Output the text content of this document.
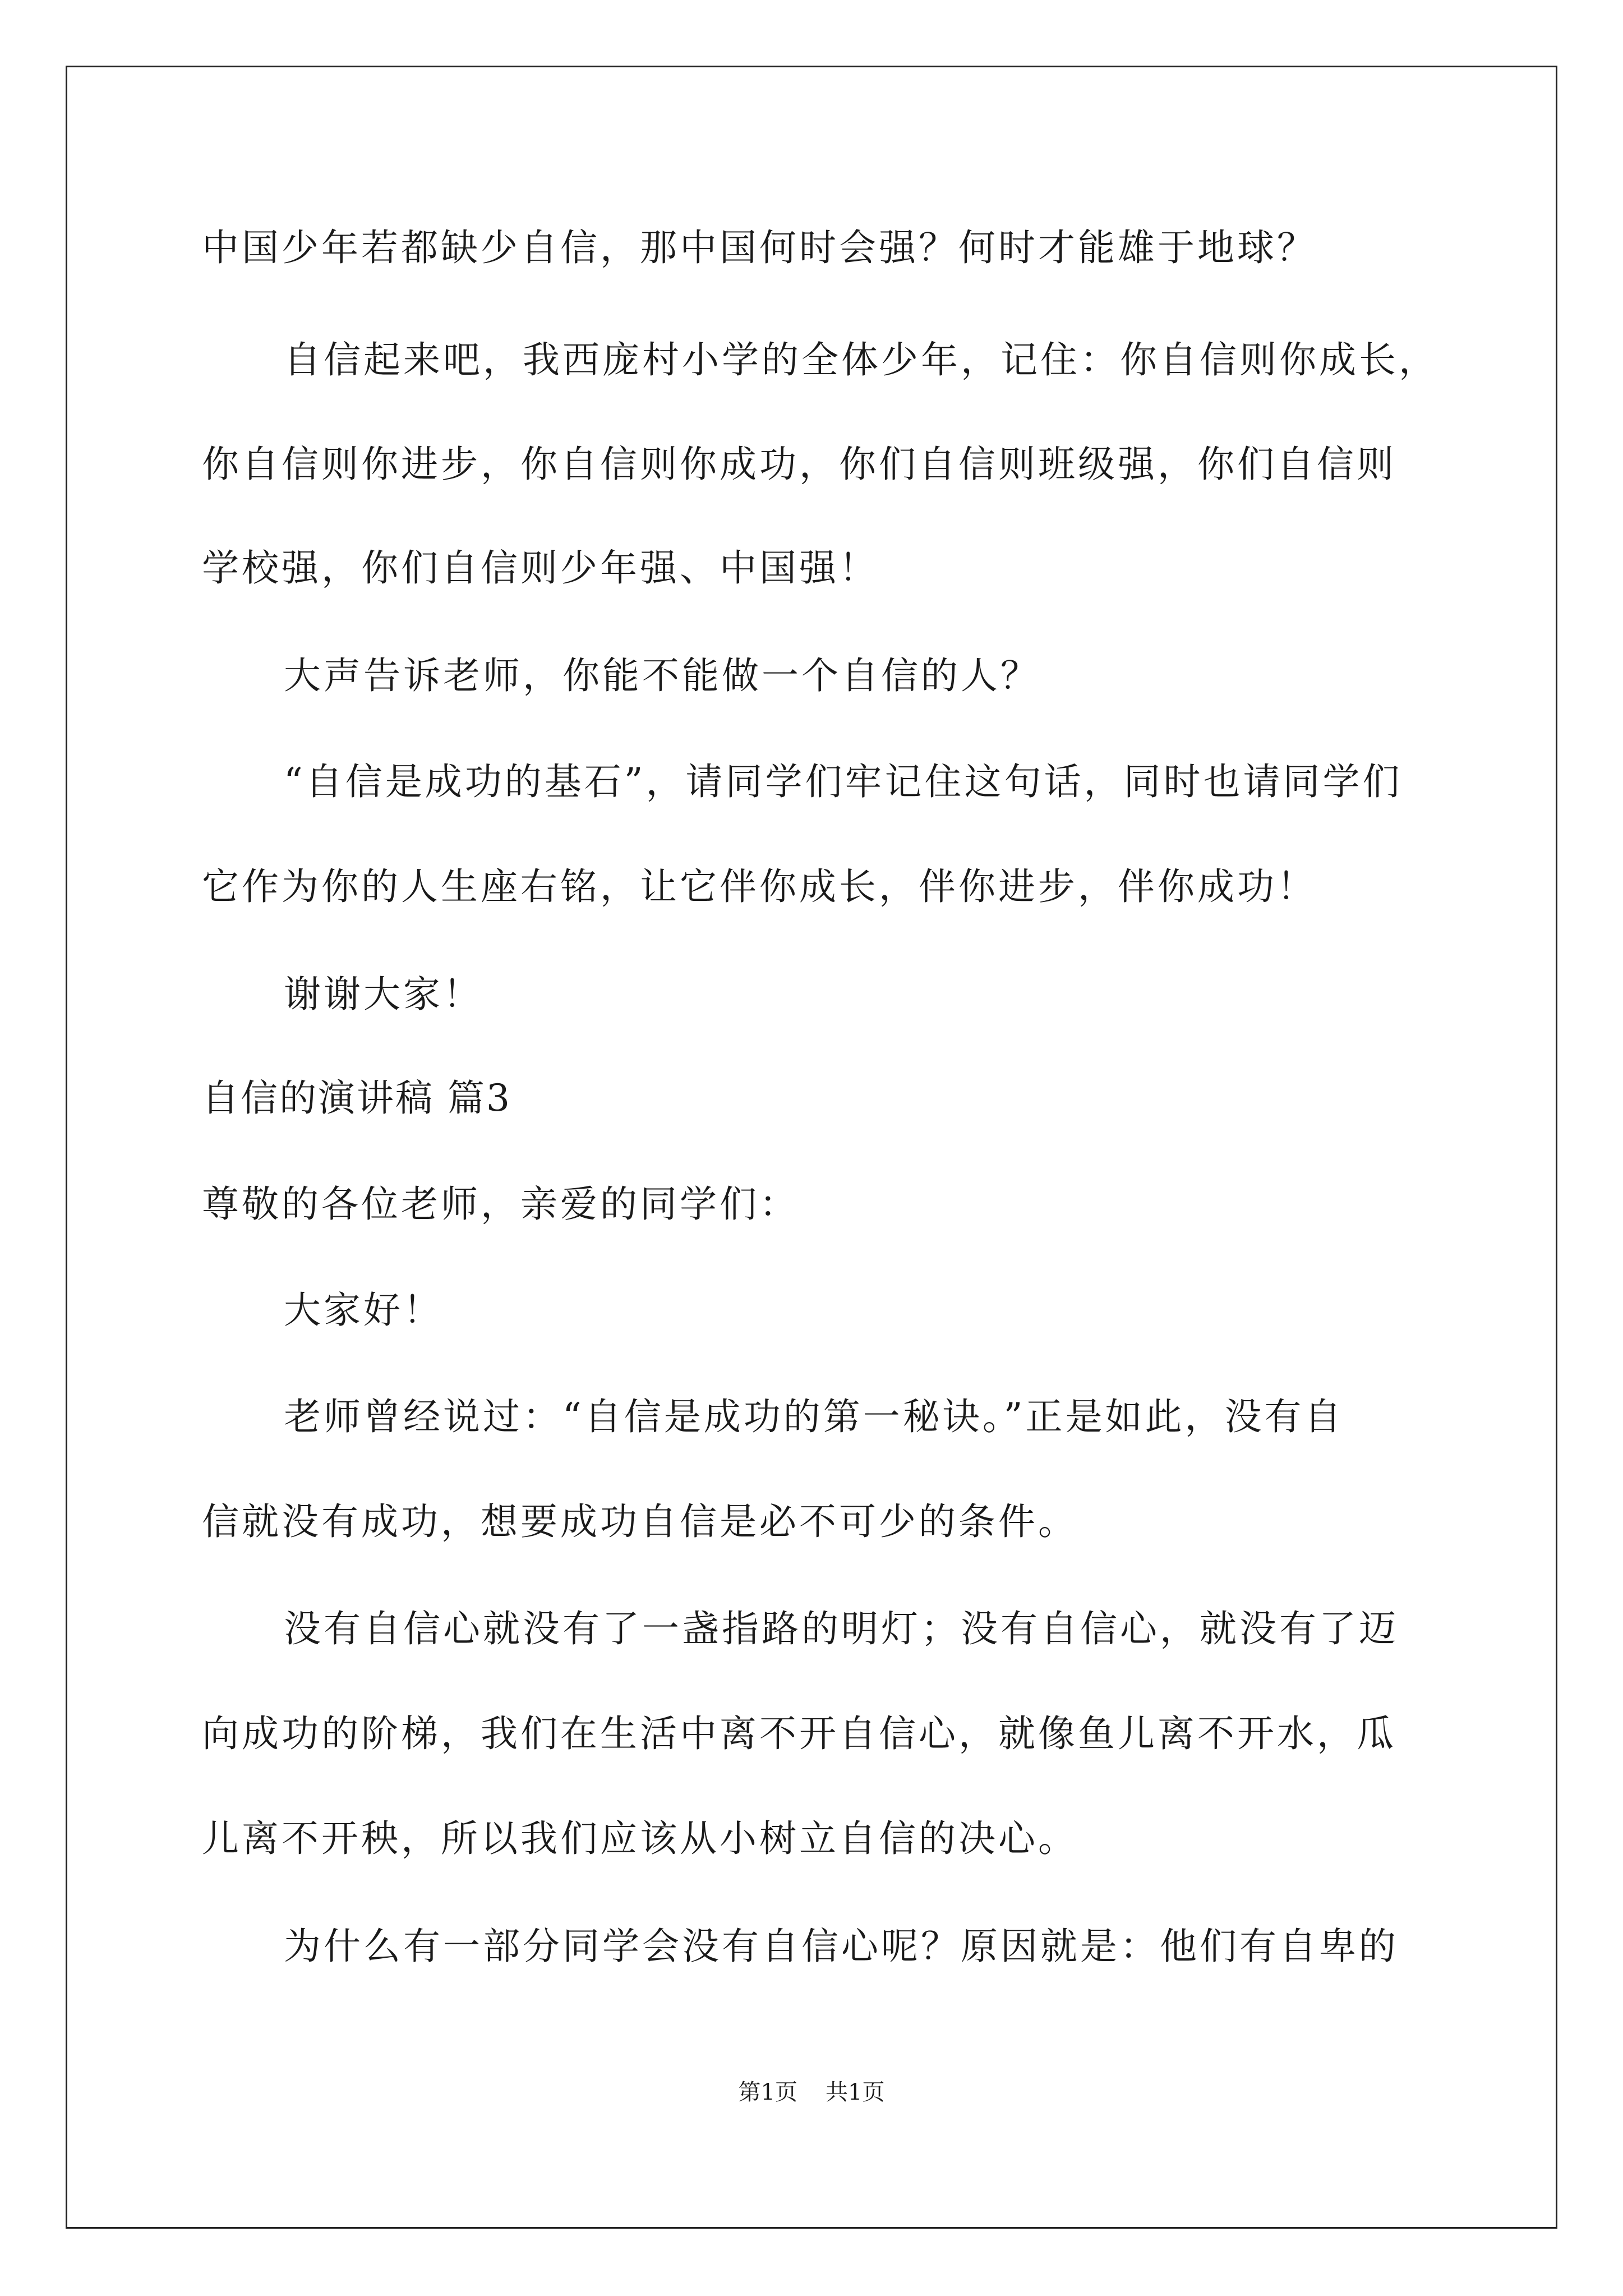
中国少年若都缺少自信，那中国何时会强？何时才能雄于地球？
自信起来吧，我西庞村小学的全体少年，记住：你自信则你成长，
你自信则你进步，你自信则你成功，你们自信则班级强，你们自信则
学校强，你们自信则少年强、中国强！
大声告诉老师，你能不能做一个自信的人？
“自信是成功的基石”，请同学们牢记住这句话，同时也请同学们
它作为你的人生座右铭，让它伴你成长，伴你进步，伴你成功！
谢谢大家！
自信的演讲稿 篇3
尊敬的各位老师，亲爱的同学们：
大家好！
老师曾经说过：“自信是成功的第一秘诀。”正是如此，没有自
信就没有成功，想要成功自信是必不可少的条件。
没有自信心就没有了一盏指路的明灯；没有自信心，就没有了迈
向成功的阶梯，我们在生活中离不开自信心，就像鱼儿离不开水，瓜
儿离不开秧，所以我们应该从小树立自信的决心。
为什么有一部分同学会没有自信心呢？原因就是：他们有自卑的
第1页 共1页
